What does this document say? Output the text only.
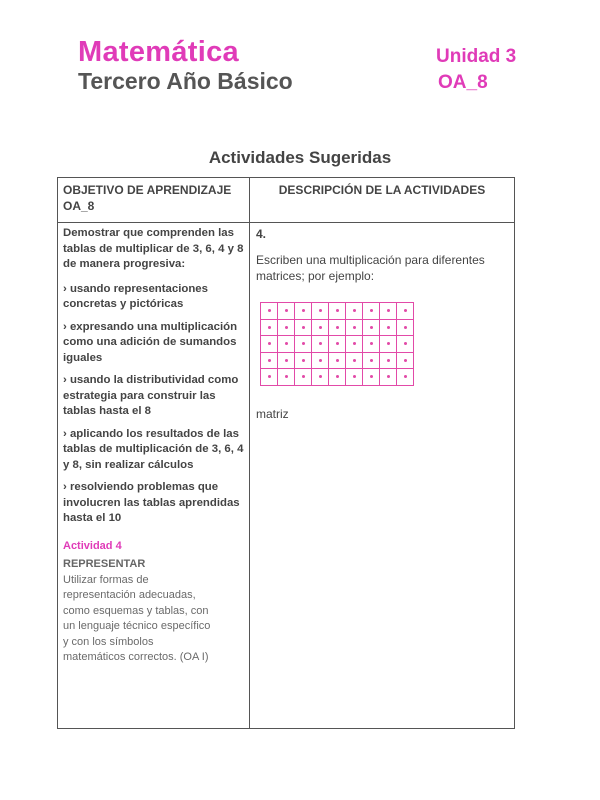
Matemática
Tercero Año Básico
Unidad 3
OA_8
Actividades Sugeridas
OBJETIVO DE APRENDIZAJE OA_8
DESCRIPCIÓN DE LA ACTIVIDADES

Demostrar que comprenden las tablas de multiplicar de 3, 6, 4 y 8 de manera progresiva:

› usando representaciones concretas y pictóricas

› expresando una multiplicación como una adición de sumandos iguales

› usando la distributividad como estrategia para construir las tablas hasta el 8

› aplicando los resultados de las tablas de multiplicación de 3, 6, 4 y 8, sin realizar cálculos

› resolviendo problemas que involucren las tablas aprendidas hasta el 10

Actividad 4
REPRESENTAR
Utilizar formas de representación adecuadas, como esquemas y tablas, con un lenguaje técnico específico y con los símbolos matemáticos correctos. (OA I)
4.
Escriben una multiplicación para diferentes matrices; por ejemplo:
matriz
